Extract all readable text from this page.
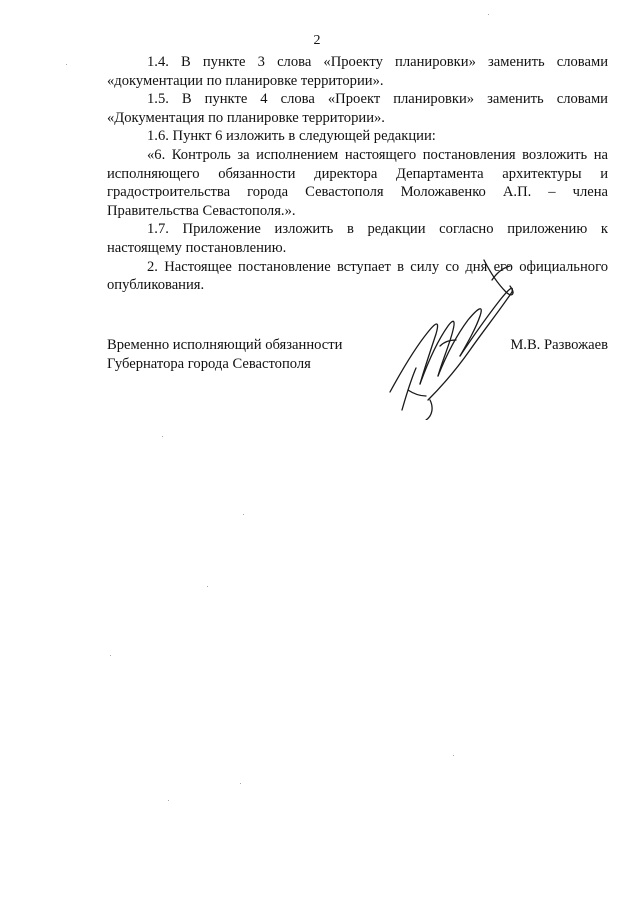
2

1.4. В пункте 3 слова «Проекту планировки» заменить словами «документации по планировке территории».

1.5. В пункте 4 слова «Проект планировки» заменить словами «Документация по планировке территории».

1.6. Пункт 6 изложить в следующей редакции:

«6. Контроль за исполнением настоящего постановления возложить на исполняющего обязанности директора Департамента архитектуры и градостроительства города Севастополя Моложавенко А.П. – члена Правительства Севастополя.».

1.7. Приложение изложить в редакции согласно приложению к настоящему постановлению.

2. Настоящее постановление вступает в силу со дня его официального опубликования.

Временно исполняющий обязанности
Губернатора города Севастополя
М.В. Развожаев
